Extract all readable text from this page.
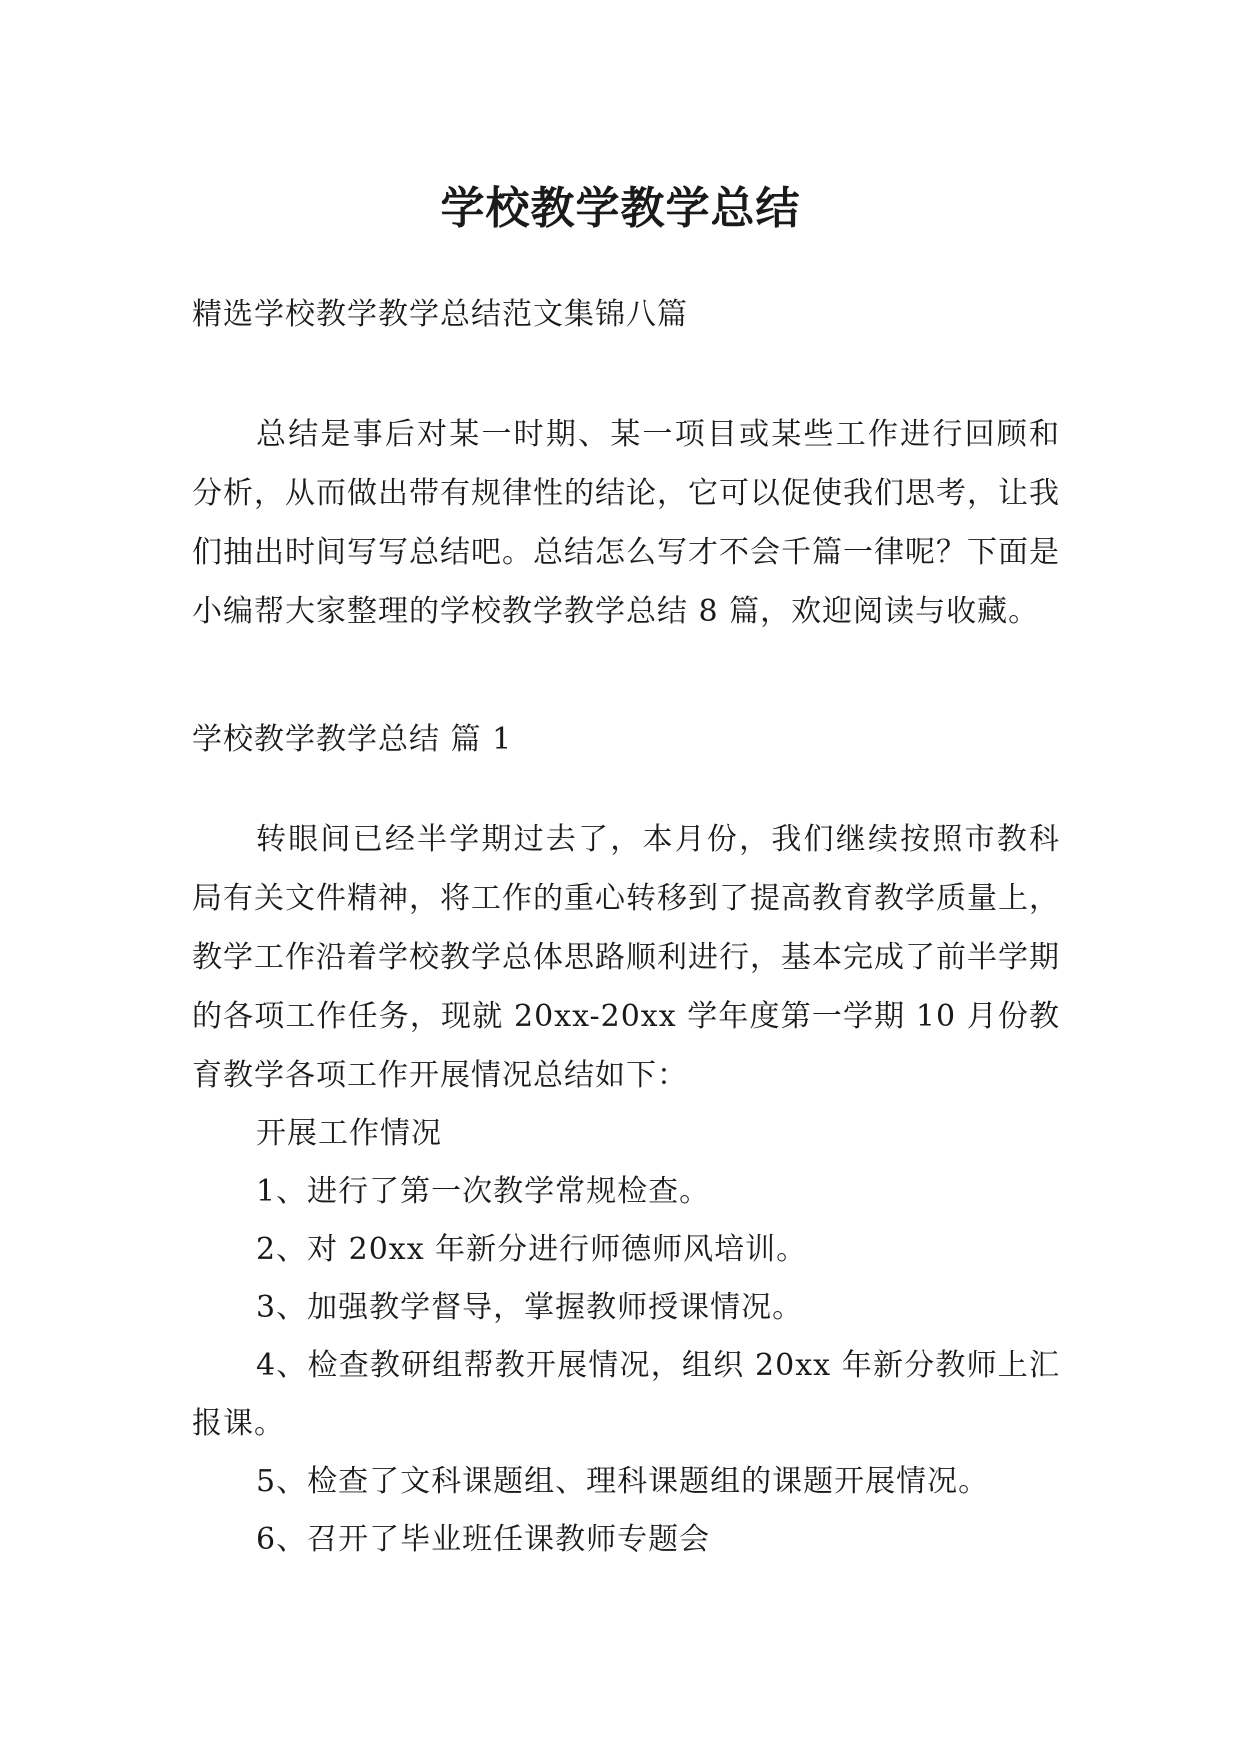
学校教学教学总结

精选学校教学教学总结范文集锦八篇

总结是事后对某一时期、某一项目或某些工作进行回顾和分析，从而做出带有规律性的结论，它可以促使我们思考，让我们抽出时间写写总结吧。总结怎么写才不会千篇一律呢？下面是小编帮大家整理的学校教学教学总结 8 篇，欢迎阅读与收藏。

学校教学教学总结 篇 1

转眼间已经半学期过去了，本月份，我们继续按照市教科局有关文件精神，将工作的重心转移到了提高教育教学质量上，教学工作沿着学校教学总体思路顺利进行，基本完成了前半学期的各项工作任务，现就 20xx-20xx 学年度第一学期 10 月份教育教学各项工作开展情况总结如下：

开展工作情况
1、进行了第一次教学常规检查。
2、对 20xx 年新分进行师德师风培训。
3、加强教学督导，掌握教师授课情况。
4、检查教研组帮教开展情况，组织 20xx 年新分教师上汇报课。
5、检查了文科课题组、理科课题组的课题开展情况。
6、召开了毕业班任课教师专题会
